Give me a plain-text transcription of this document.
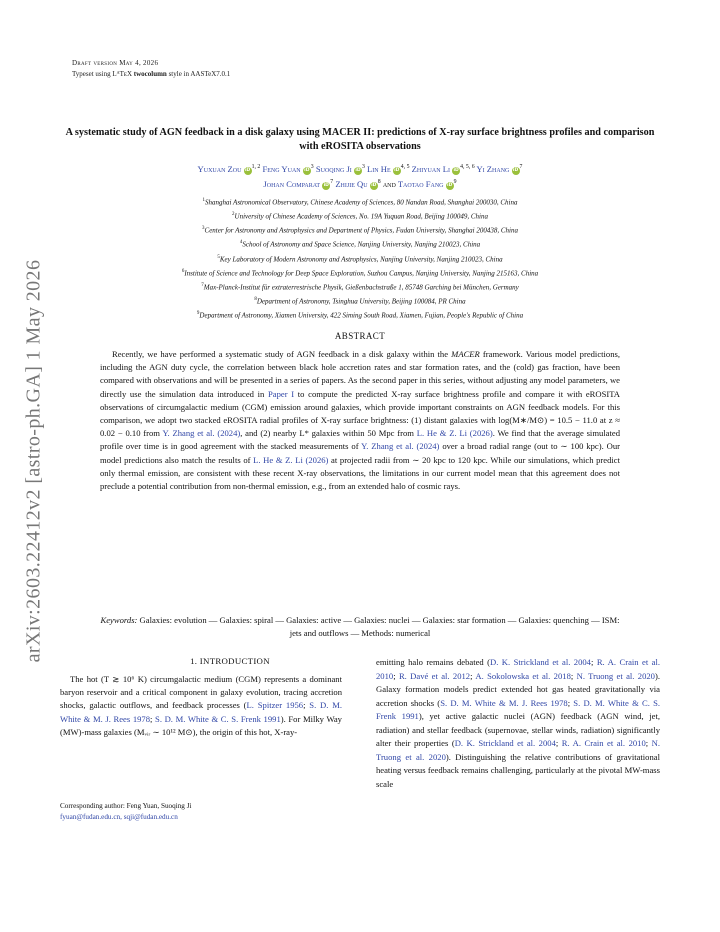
arXiv:2603.22412v2 [astro-ph.GA] 1 May 2026
Draft version May 4, 2026
Typeset using LᴬTᴇX twocolumn style in AASTeX7.0.1
A systematic study of AGN feedback in a disk galaxy using MACER II: predictions of X-ray surface brightness profiles and comparison with eROSITA observations
Yuxuan Zou iD$^{1, 2}$ Feng Yuan $iD^3$ Suoqing Ji $iD^3$ Lin He iD$^{4, 5}$ Zhiyuan Li iD$^{4, 5, 6}$ Yi Zhang $iD^7$
Johan Comparat $iD^7$ Zhijie Qu $iD^8$ and Taotao Fang $iD^9$
$^1$Shanghai Astronomical Observatory, Chinese Academy of Sciences, 80 Nandan Road, Shanghai 200030, China
$^2$University of Chinese Academy of Sciences, No. 19A Yuquan Road, Beijing 100049, China
$^3$Center for Astronomy and Astrophysics and Department of Physics, Fudan University, Shanghai 200438, China
$^4$School of Astronomy and Space Science, Nanjing University, Nanjing 210023, China
$^5$Key Laboratory of Modern Astronomy and Astrophysics, Nanjing University, Nanjing 210023, China
$^6$Institute of Science and Technology for Deep Space Exploration, Suzhou Campus, Nanjing University, Nanjing 215163, China
$^7$Max-Planck-Institut für extraterrestrische Physik, Gießenbachstraße 1, 85748 Garching bei München, Germany
$^8$Department of Astronomy, Tsinghua University, Beijing 100084, PR China
$^9$Department of Astronomy, Xiamen University, 422 Siming South Road, Xiamen, Fujian, People's Republic of China
ABSTRACT
Recently, we have performed a systematic study of AGN feedback in a disk galaxy within the MACER framework. Various model predictions, including the AGN duty cycle, the correlation between black hole accretion rates and star formation rates, and the (cold) gas fraction, have been compared with observations and will be presented in a series of papers. As the second paper in this series, without adjusting any model parameters, we directly use the simulation data introduced in Paper I to compute the predicted X-ray surface brightness profile and compare it with eROSITA observations of circumgalactic medium (CGM) emission around galaxies, which provide important constraints on AGN feedback models. For this comparison, we adopt two stacked eROSITA radial profiles of X-ray surface brightness: (1) distant galaxies with log(M∗/M⊙) = 10.5 − 11.0 at z ≈ 0.02 − 0.10 from Y. Zhang et al. (2024), and (2) nearby L* galaxies within 50 Mpc from L. He & Z. Li (2026). We find that the average simulated profile over time is in good agreement with the stacked measurements of Y. Zhang et al. (2024) over a broad radial range (out to ∼ 100 kpc). Our model predictions also match the results of L. He & Z. Li (2026) at projected radii from ∼ 20 kpc to 120 kpc. While our simulations, which predict only thermal emission, are consistent with these recent X-ray observations, the limitations in our current model mean that this agreement does not preclude a potential contribution from non-thermal emission, e.g., from an extended halo of cosmic rays.
Keywords: Galaxies: evolution — Galaxies: spiral — Galaxies: active — Galaxies: nuclei — Galaxies: star formation — Galaxies: quenching — ISM: jets and outflows — Methods: numerical
1. INTRODUCTION
The hot (T ≳ 10⁶ K) circumgalactic medium (CGM) represents a dominant baryon reservoir and a critical component in galaxy evolution, tracing accretion shocks, galactic outflows, and feedback processes (L. Spitzer 1956; S. D. M. White & M. J. Rees 1978; S. D. M. White & C. S. Frenk 1991). For Milky Way (MW)-mass galaxies (Mᵥᵢᵣ ∼ 10¹² M⊙), the origin of this hot, X-ray-
emitting halo remains debated (D. K. Strickland et al. 2004; R. A. Crain et al. 2010; R. Davé et al. 2012; A. Sokolowska et al. 2018; N. Truong et al. 2020). Galaxy formation models predict extended hot gas heated gravitationally via accretion shocks (S. D. M. White & M. J. Rees 1978; S. D. M. White & C. S. Frenk 1991), yet active galactic nuclei (AGN) feedback (AGN wind, jet, radiation) and stellar feedback (supernovae, stellar winds, radiation) significantly alter their properties (D. K. Strickland et al. 2004; R. A. Crain et al. 2010; N. Truong et al. 2020). Distinguishing the relative contributions of gravitational heating versus feedback remains challenging, particularly at the pivotal MW-mass scale
Corresponding author: Feng Yuan, Suoqing Ji
fyuan@fudan.edu.cn, sqji@fudan.edu.cn
